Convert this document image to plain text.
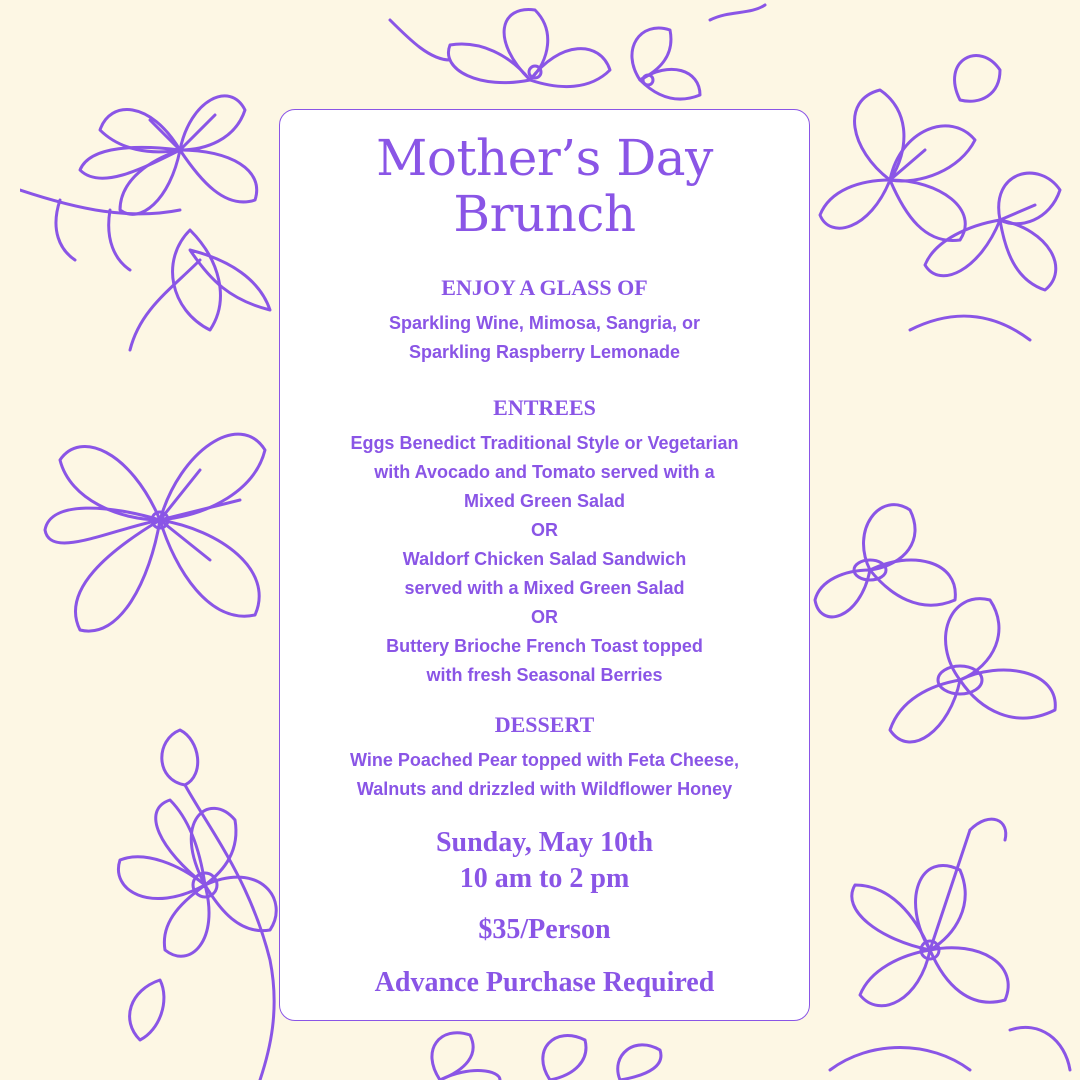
Mother’s Day
Brunch
ENJOY A GLASS OF
Sparkling Wine, Mimosa, Sangria, or
Sparkling Raspberry Lemonade
ENTREES
Eggs Benedict Traditional Style or Vegetarian
with Avocado and Tomato served with a
Mixed Green Salad
OR
Waldorf Chicken Salad Sandwich
served with a Mixed Green Salad
OR
Buttery Brioche French Toast topped
with fresh Seasonal Berries
DESSERT
Wine Poached Pear topped with Feta Cheese,
Walnuts and drizzled with Wildflower Honey
Sunday, May 10th
10 am to 2 pm
$35/Person
Advance Purchase Required
